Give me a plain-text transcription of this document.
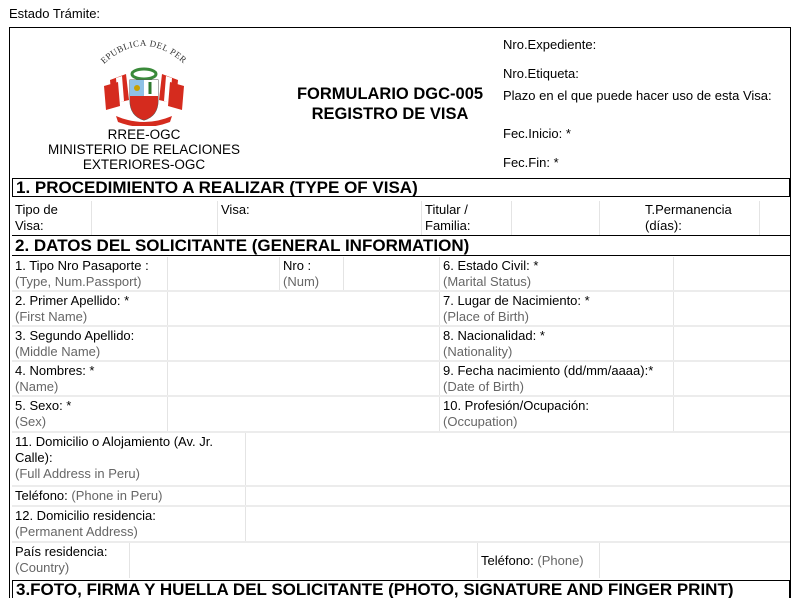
Estado Trámite:
EPUBLICA DEL PER
RREE-OGC
MINISTERIO DE RELACIONES
EXTERIORES-OGC
FORMULARIO DGC-005
REGISTRO DE VISA
Nro.Expediente:
Nro.Etiqueta:
Plazo en el que puede hacer uso de esta Visa:
Fec.Inicio: *
Fec.Fin: *
1. PROCEDIMIENTO A REALIZAR (TYPE OF VISA)
Tipo de Visa:
Visa:	Titular / Familia:
T.Permanencia (días):
2. DATOS DEL SOLICITANTE (GENERAL INFORMATION)
1. Tipo Nro Pasaporte :
(Type, Num.Passport)
Nro :
(Num)
6. Estado Civil: *
(Marital Status)
2. Primer Apellido: *
(First Name)
7. Lugar de Nacimiento: *
(Place of Birth)
3. Segundo Apellido:
(Middle Name)
8. Nacionalidad: *
(Nationality)
4. Nombres: *
(Name)
9. Fecha nacimiento (dd/mm/aaaa):*
(Date of Birth)
5. Sexo: *
(Sex)
10. Profesión/Ocupación:
(Occupation)
11. Domicilio o Alojamiento (Av. Jr. Calle):
(Full Address in Peru)
Teléfono: (Phone in Peru)
12. Domicilio residencia:
(Permanent Address)
País residencia:
(Country)	Teléfono: (Phone)
3.FOTO, FIRMA Y HUELLA DEL SOLICITANTE (PHOTO, SIGNATURE AND FINGER PRINT)
